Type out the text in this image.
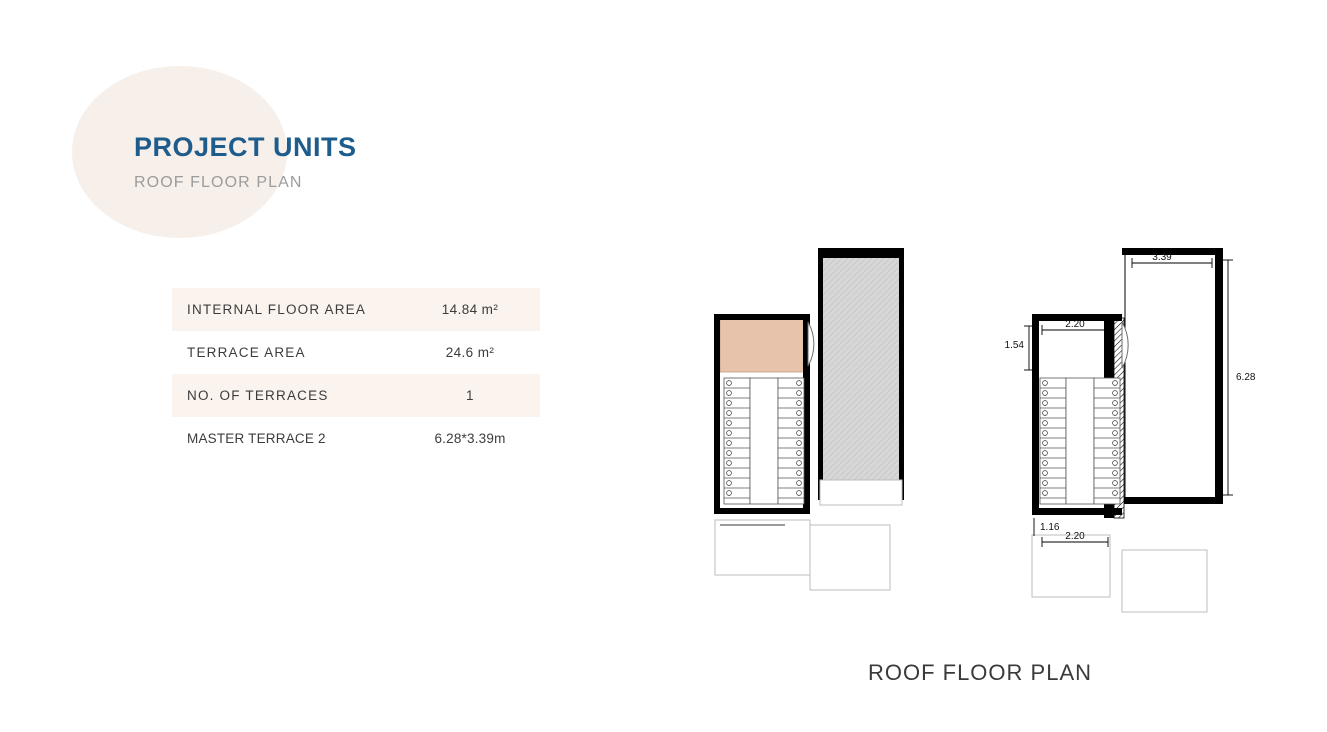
PROJECT UNITS
ROOF FLOOR PLAN
INTERNAL FLOOR AREA	14.84 m²
TERRACE AREA	24.6 m²
NO. OF TERRACES	1
MASTER TERRACE 2	6.28*3.39m
3.39
2.20
1.54
6.28
1.16
2.20
ROOF FLOOR PLAN
